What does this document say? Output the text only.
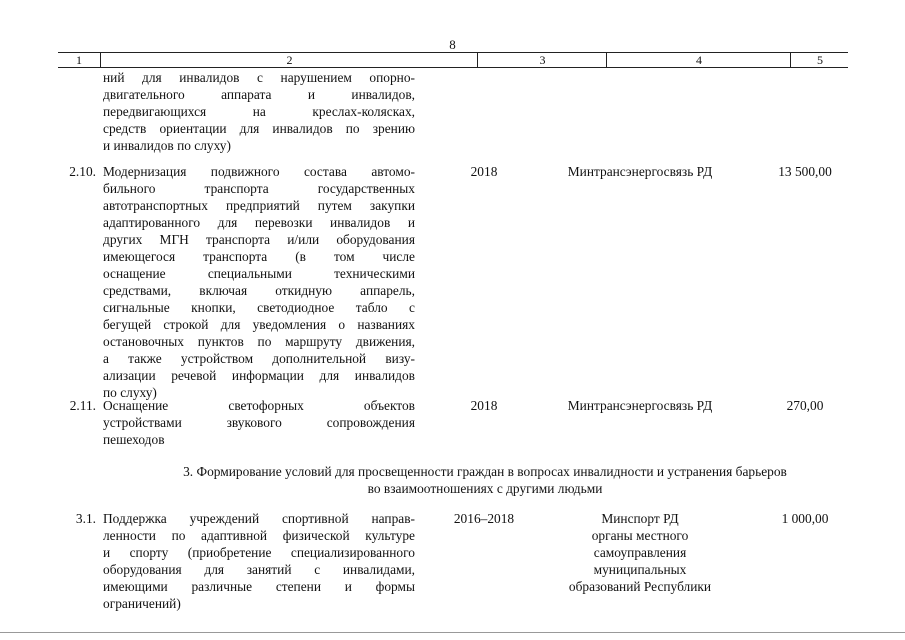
8
1	2	3	4	5
ний для инвалидов с нарушением опорно-
двигательного аппарата и инвалидов,
передвигающихся на креслах-колясках,
средств ориентации для инвалидов по зрению
и инвалидов по слуху)
2.10. Модернизация подвижного состава автомо-
бильного транспорта государственных
автотранспортных предприятий путем закупки
адаптированного для перевозки инвалидов и
других МГН транспорта и/или оборудования
имеющегося транспорта (в том числе
оснащение специальными техническими
средствами, включая откидную аппарель,
сигнальные кнопки, светодиодное табло с
бегущей строкой для уведомления о названиях
остановочных пунктов по маршруту движения,
а также устройством дополнительной визу-
ализации речевой информации для инвалидов
по слуху)
2018	Минтрансэнергосвязь РД	13 500,00
2.11. Оснащение светофорных объектов
устройствами звукового сопровождения
пешеходов
2018	Минтрансэнергосвязь РД	270,00
3. Формирование условий для просвещенности граждан в вопросах инвалидности и устранения барьеров
во взаимоотношениях с другими людьми
3.1. Поддержка учреждений спортивной направ-
ленности по адаптивной физической культуре
и спорту (приобретение специализированного
оборудования для занятий с инвалидами,
имеющими различные степени и формы
ограничений)
2016–2018	Минспорт РД
органы местного
самоуправления
муниципальных
образований Республики
1 000,00
